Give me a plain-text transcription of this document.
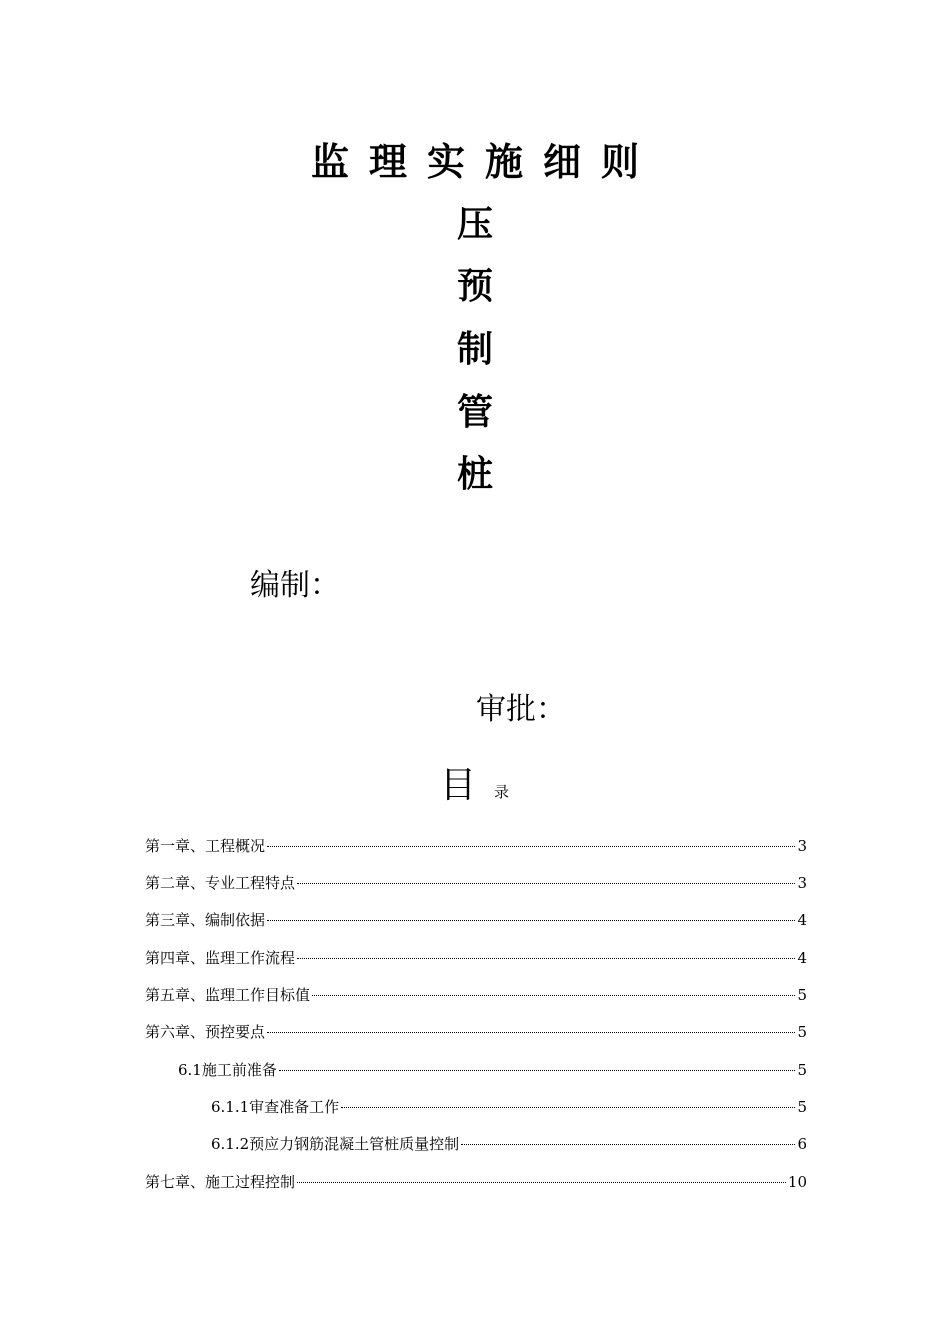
监理实施细则
压
预
制
管
桩
编制：
审批：
目 录
第一章、工程概况	3
第二章、专业工程特点	3
第三章、编制依据	4
第四章、监理工作流程	4
第五章、监理工作目标值	5
第六章、预控要点	5
6.1施工前准备	5
6.1.1审查准备工作	5
6.1.2预应力钢筋混凝土管桩质量控制	6
第七章、施工过程控制	10
